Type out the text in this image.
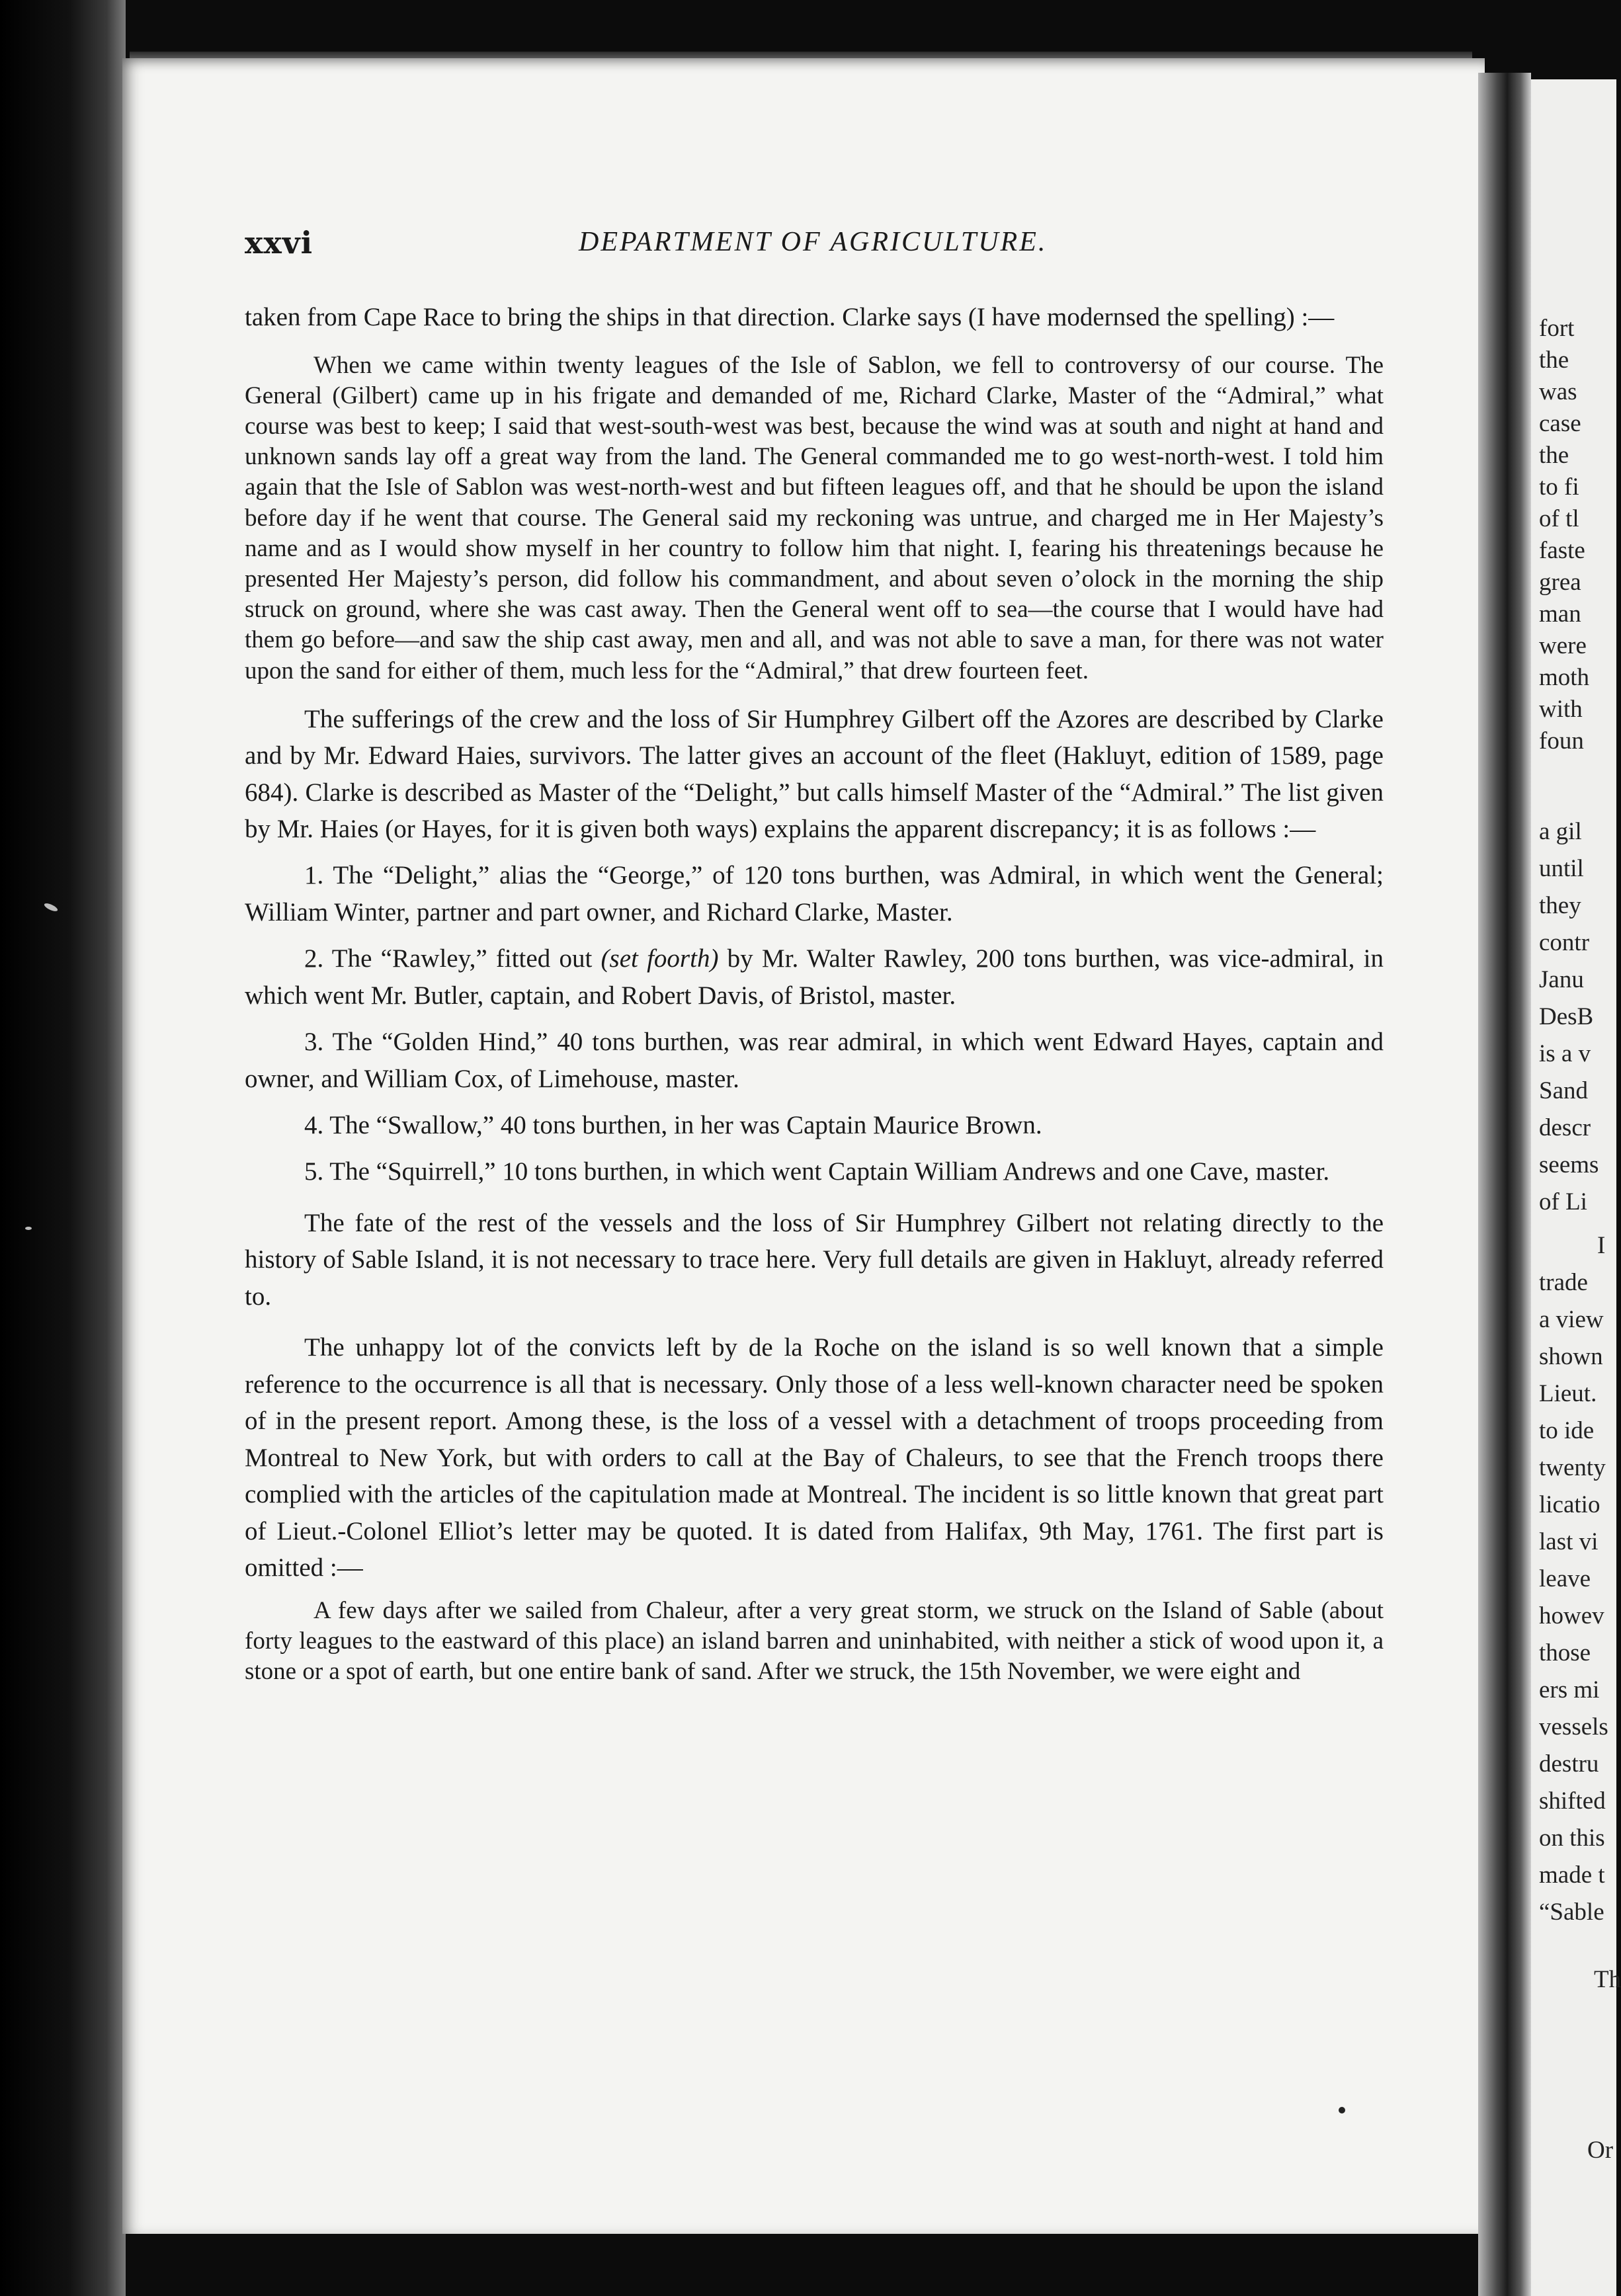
fort
the
was
case
the
to fi
of tl
faste
grea
man
were
moth
with
foun
a gil
until
they
contr
Janu
DesB
is a v
Sand
descr
seems
of Li
I
trade
a view
shown
Lieut.
to ide
twenty
licatio
last vi
leave
howev
those
ers mi
vessels
destru
shifted
on this
made t
“Sable
Th
Or
xxvi	DEPARTMENT OF AGRICULTURE.

taken from Cape Race to bring the ships in that direction. Clarke says (I have modernsed the spelling) :—

When we came within twenty leagues of the Isle of Sablon, we fell to controversy of our course. The General (Gilbert) came up in his frigate and demanded of me, Richard Clarke, Master of the “Admiral,” what course was best to keep; I said that west-south-west was best, because the wind was at south and night at hand and unknown sands lay off a great way from the land. The General commanded me to go west-north-west. I told him again that the Isle of Sablon was west-north-west and but fifteen leagues off, and that he should be upon the island before day if he went that course. The General said my reckoning was untrue, and charged me in Her Majesty’s name and as I would show myself in her country to follow him that night. I, fearing his threatenings because he presented Her Majesty’s person, did follow his commandment, and about seven o’olock in the morning the ship struck on ground, where she was cast away. Then the General went off to sea—the course that I would have had them go before—and saw the ship cast away, men and all, and was not able to save a man, for there was not water upon the sand for either of them, much less for the “Admiral,” that drew fourteen feet.

The sufferings of the crew and the loss of Sir Humphrey Gilbert off the Azores are described by Clarke and by Mr. Edward Haies, survivors. The latter gives an account of the fleet (Hakluyt, edition of 1589, page 684). Clarke is described as Master of the “Delight,” but calls himself Master of the “Admiral.” The list given by Mr. Haies (or Hayes, for it is given both ways) explains the apparent discrepancy; it is as follows :—

1. The “Delight,” alias the “George,” of 120 tons burthen, was Admiral, in which went the General; William Winter, partner and part owner, and Richard Clarke, Master.

2. The “Rawley,” fitted out (set foorth) by Mr. Walter Rawley, 200 tons burthen, was vice-admiral, in which went Mr. Butler, captain, and Robert Davis, of Bristol, master.

3. The “Golden Hind,” 40 tons burthen, was rear admiral, in which went Edward Hayes, captain and owner, and William Cox, of Limehouse, master.

4. The “Swallow,” 40 tons burthen, in her was Captain Maurice Brown.

5. The “Squirrell,” 10 tons burthen, in which went Captain William Andrews and one Cave, master.

The fate of the rest of the vessels and the loss of Sir Humphrey Gilbert not relating directly to the history of Sable Island, it is not necessary to trace here. Very full details are given in Hakluyt, already referred to.

The unhappy lot of the convicts left by de la Roche on the island is so well known that a simple reference to the occurrence is all that is necessary. Only those of a less well-known character need be spoken of in the present report. Among these, is the loss of a vessel with a detachment of troops proceeding from Montreal to New York, but with orders to call at the Bay of Chaleurs, to see that the French troops there complied with the articles of the capitulation made at Montreal. The incident is so little known that great part of Lieut.-Colonel Elliot’s letter may be quoted. It is dated from Halifax, 9th May, 1761. The first part is omitted :—

A few days after we sailed from Chaleur, after a very great storm, we struck on the Island of Sable (about forty leagues to the eastward of this place) an island barren and uninhabited, with neither a stick of wood upon it, a stone or a spot of earth, but one entire bank of sand. After we struck, the 15th November, we were eight and
